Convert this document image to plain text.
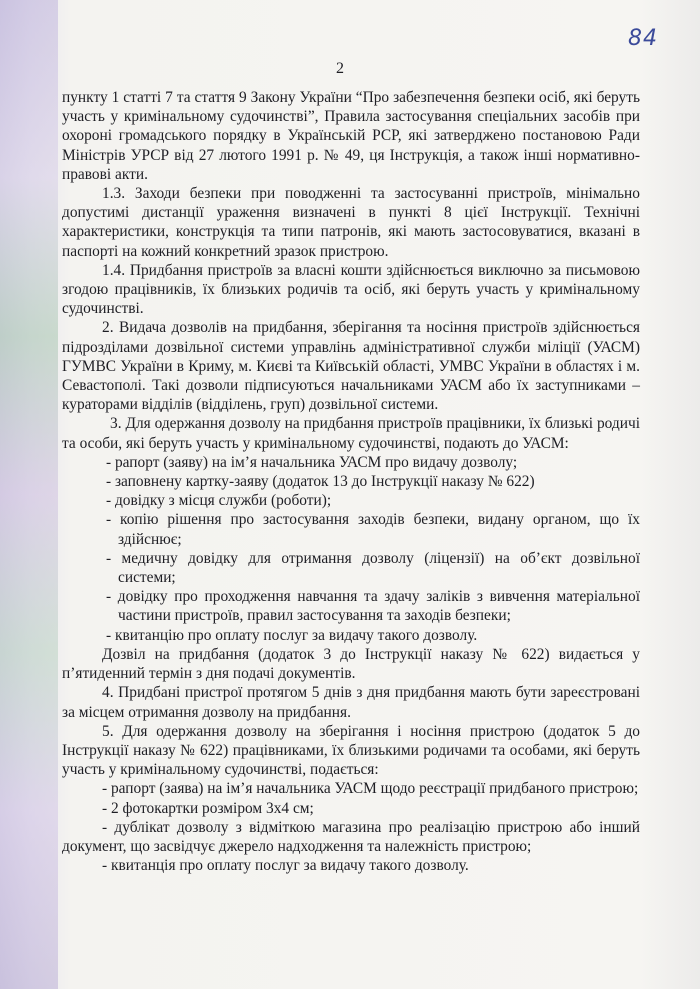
84
2

пункту 1 статті 7 та стаття 9 Закону України “Про забезпечення безпеки осіб, які беруть участь у кримінальному судочинстві”, Правила застосування спеціальних засобів при охороні громадського порядку в Українській РСР, які затверджено постановою Ради Міністрів УРСР від 27 лютого 1991 р. № 49, ця Інструкція, а також інші нормативно-правові акти.

1.3. Заходи безпеки при поводженні та застосуванні пристроїв, мінімально допустимі дистанції ураження визначені в пункті 8 цієї Інструкції. Технічні характеристики, конструкція та типи патронів, які мають застосовуватися, вказані в паспорті на кожний конкретний зразок пристрою.

1.4. Придбання пристроїв за власні кошти здійснюється виключно за письмовою згодою працівників, їх близьких родичів та осіб, які беруть участь у кримінальному судочинстві.

2. Видача дозволів на придбання, зберігання та носіння пристроїв здійснюється підрозділами дозвільної системи управлінь адміністративної служби міліції (УАСМ) ГУМВС України в Криму, м. Києві та Київській області, УМВС України в областях і м. Севастополі. Такі дозволи підписуються начальниками УАСМ або їх заступниками – кураторами відділів (відділень, груп) дозвільної системи.

3. Для одержання дозволу на придбання пристроїв працівники, їх близькі родичі та особи, які беруть участь у кримінальному судочинстві, подають до УАСМ:

- рапорт (заяву) на ім’я начальника УАСМ про видачу дозволу;

- заповнену картку-заяву (додаток 13 до Інструкції наказу № 622)

- довідку з місця служби (роботи);

- копію рішення про застосування заходів безпеки, видану органом, що їх здійснює;

- медичну довідку для отримання дозволу (ліцензії) на об’єкт дозвільної системи;

- довідку про проходження навчання та здачу заліків з вивчення матеріальної частини пристроїв, правил застосування та заходів безпеки;

- квитанцію про оплату послуг за видачу такого дозволу.

Дозвіл на придбання (додаток 3 до Інструкції наказу № 622) видається у п’ятиденний термін з дня подачі документів.

4. Придбані пристрої протягом 5 днів з дня придбання мають бути зареєстровані за місцем отримання дозволу на придбання.

5. Для одержання дозволу на зберігання і носіння пристрою (додаток 5 до Інструкції наказу № 622) працівниками, їх близькими родичами та особами, які беруть участь у кримінальному судочинстві, подається:

- рапорт (заява) на ім’я начальника УАСМ щодо реєстрації придбаного пристрою;

- 2 фотокартки розміром 3х4 см;

- дублікат дозволу з відміткою магазина про реалізацію пристрою або інший документ, що засвідчує джерело надходження та належність пристрою;

- квитанція про оплату послуг за видачу такого дозволу.
